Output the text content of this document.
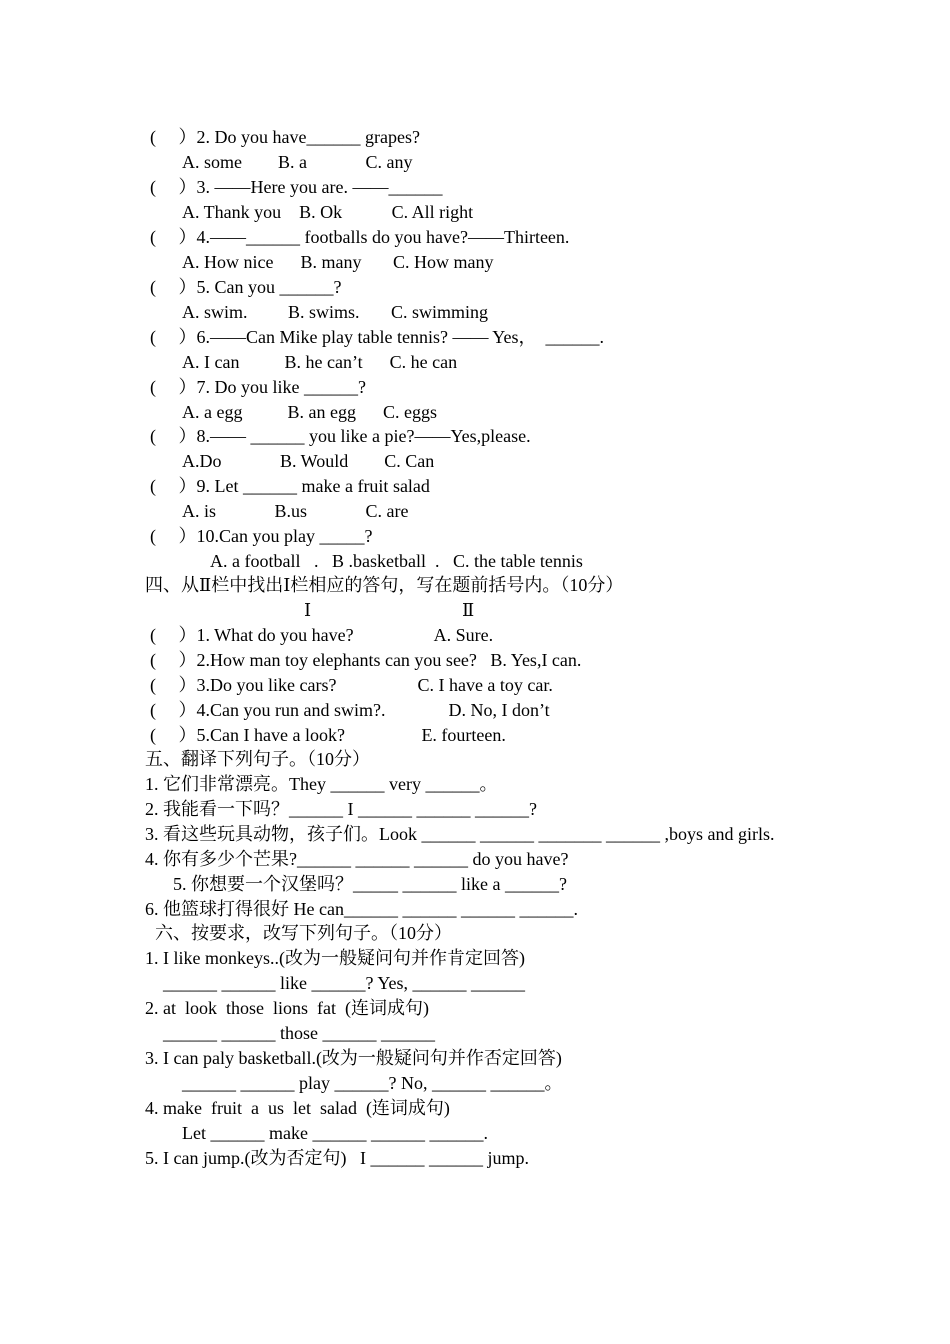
(　 ）2. Do you have______ grapes?
A. some        B. a             C. any
(　 ）3. ——Here you are. ——______
A. Thank you    B. Ok           C. All right
(　 ）4.——______ footballs do you have?——Thirteen.
A. How nice      B. many       C. How many
(　 ）5. Can you ______?
A. swim.         B. swims.       C. swimming
(　 ）6.——Can Mike play table tennis? —— Yes，  ______.
A. I can          B. he can’t      C. he can
(　 ）7. Do you like ______?
A. a egg          B. an egg      C. eggs
(　 ）8.—— ______ you like a pie?——Yes,please.
A.Do             B. Would        C. Can
(　 ）9. Let ______ make a fruit salad
A. is             B.us             C. are
(　 ）10.Can you play _____?
A. a football   .   B .basketball  .   C. the table tennis
四、从Ⅱ栏中找出Ⅰ栏相应的答句，写在题前括号内。（10分）
Ⅰ	Ⅱ
(　 ）1. What do you have?                  A. Sure.
(　 ）2.How man toy elephants can you see?   B. Yes,I can.
(　 ）3.Do you like cars?                  C. I have a toy car.
(　 ）4.Can you run and swim?.              D. No, I don’t
(　 ）5.Can I have a look?                 E. fourteen.
五、翻译下列句子。（10分）
1. 它们非常漂亮。They ______ very ______。
2. 我能看一下吗？______ I ______ ______ ______?
3. 看这些玩具动物，孩子们。Look ______ ______ _______ ______ ,boys and girls.
4. 你有多少个芒果?______ ______ ______ do you have?
5. 你想要一个汉堡吗？_____ ______ like a ______?
6. 他篮球打得很好 He can______ ______ ______ ______.
六、按要求，改写下列句子。（10分）
1. I like monkeys..(改为一般疑问句并作肯定回答)
______ ______ like ______? Yes, ______ ______
2. at  look  those  lions  fat  (连词成句)
______ ______ those ______ ______
3. I can paly basketball.(改为一般疑问句并作否定回答)
______ ______ play ______? No, ______ ______。
4. make  fruit  a  us  let  salad  (连词成句)
Let ______ make ______ ______ ______.
5. I can jump.(改为否定句)   I ______ ______ jump.
